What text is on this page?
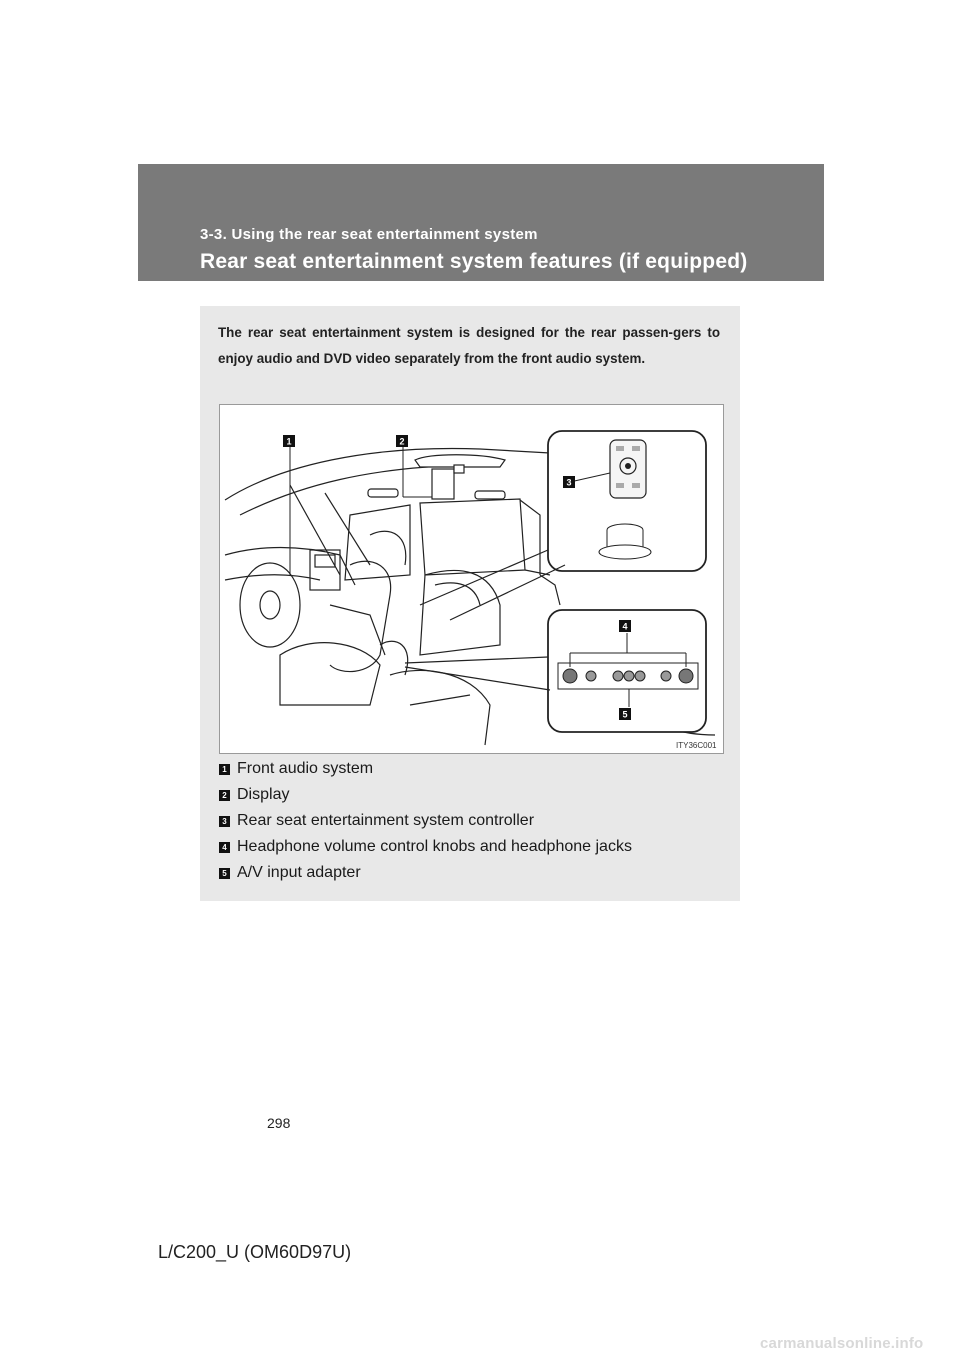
3-3. Using the rear seat entertainment system
Rear seat entertainment system features (if equipped)
The rear seat entertainment system is designed for the rear passen-gers to enjoy audio and DVD video separately from the front audio system.
1	2
3
4
5
ITY36C001
1 Front audio system
2 Display
3 Rear seat entertainment system controller
4 Headphone volume control knobs and headphone jacks
5 A/V input adapter
298
L/C200_U (OM60D97U)
carmanualsonline.info
